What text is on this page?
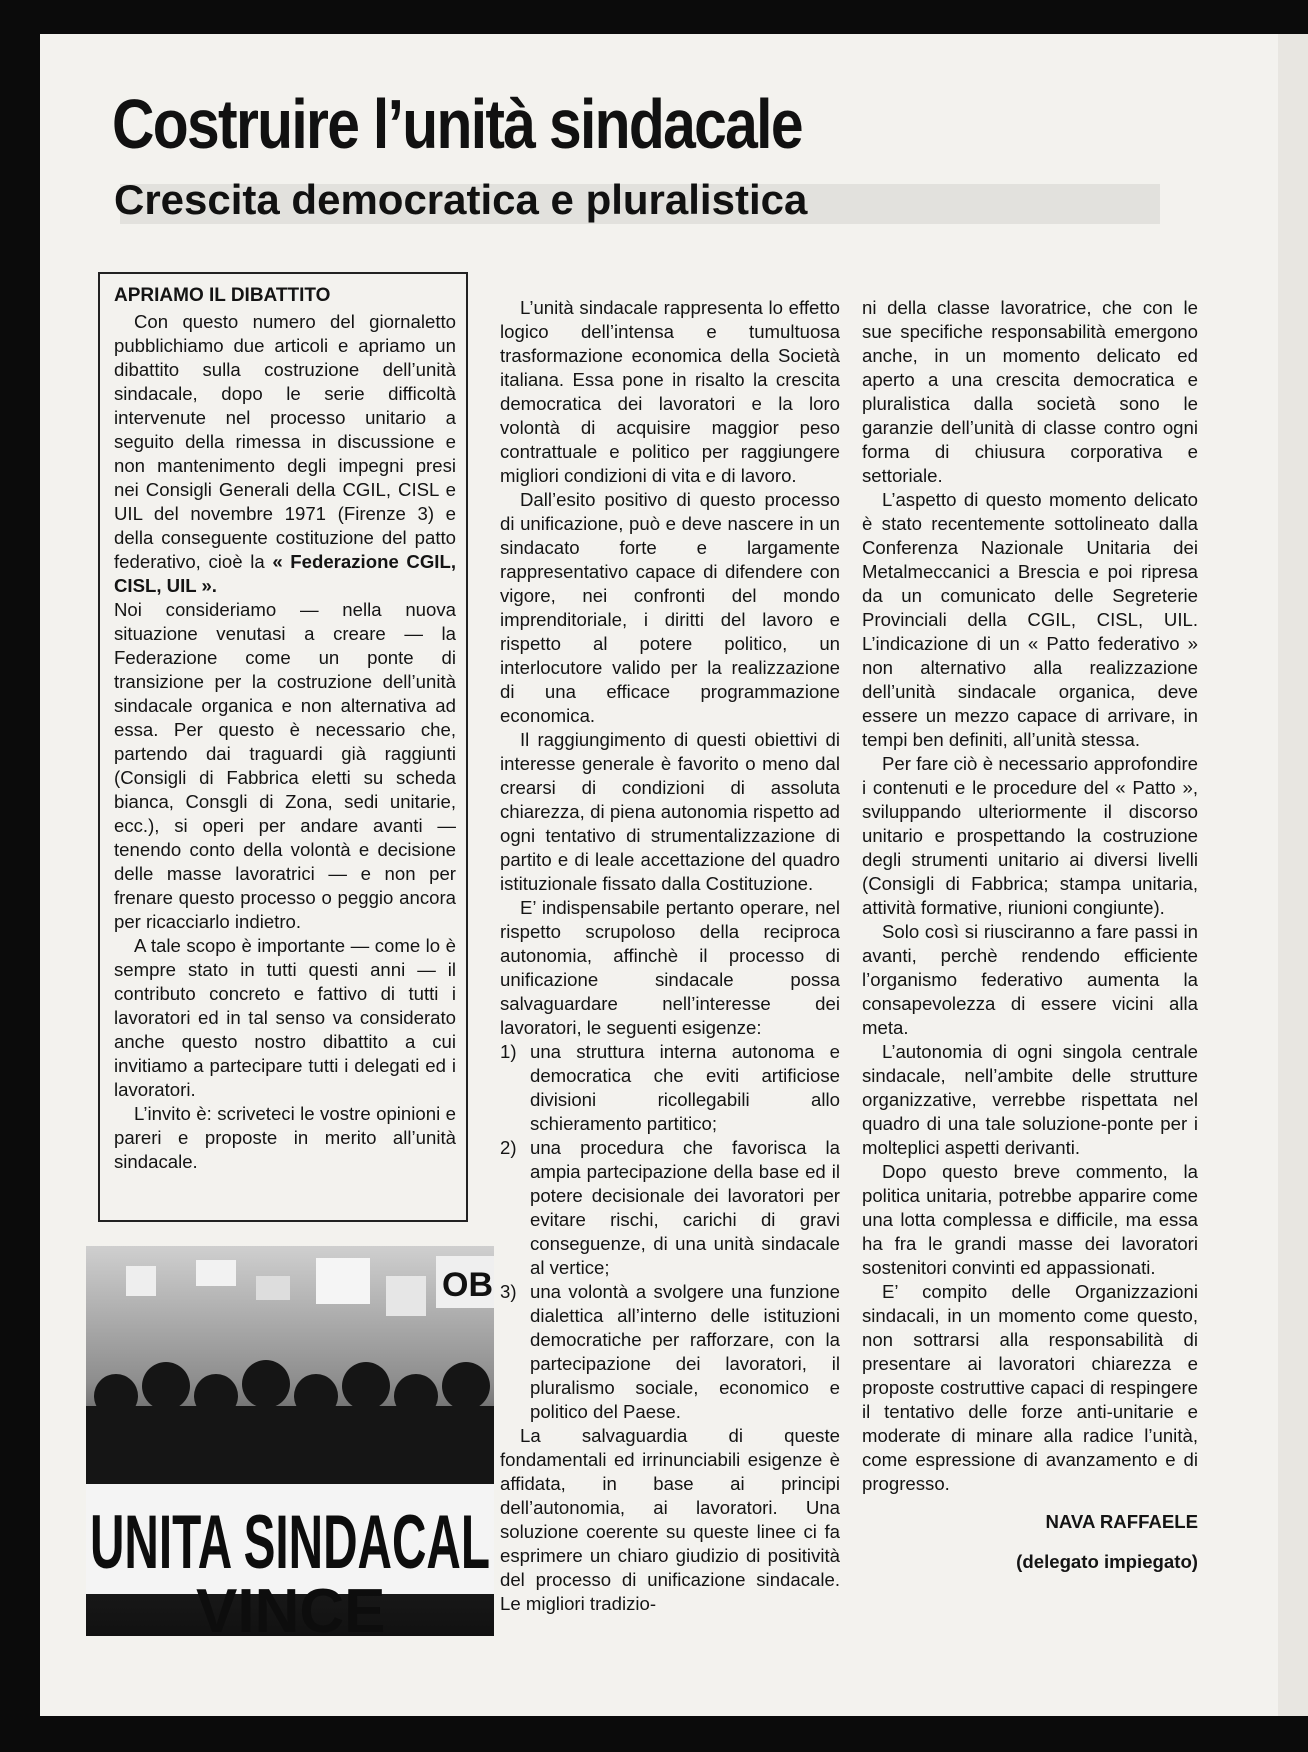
Costruire l’unità sindacale
Crescita democratica e pluralistica

APRIAMO IL DIBATTITO

Con questo numero del giornaletto pubblichiamo due articoli e apriamo un dibattito sulla costruzione dell’unità sindacale, dopo le serie difficoltà intervenute nel processo unitario a seguito della rimessa in discussione e non mantenimento degli impegni presi nei Consigli Generali della CGIL, CISL e UIL del novembre 1971 (Firenze 3) e della conseguente costituzione del patto federativo, cioè la « Federazione CGIL, CISL, UIL ».

Noi consideriamo — nella nuova situazione venutasi a creare — la Federazione come un ponte di transizione per la costruzione dell’unità sindacale organica e non alternativa ad essa. Per questo è necessario che, partendo dai traguardi già raggiunti (Consigli di Fabbrica eletti su scheda bianca, Consgli di Zona, sedi unitarie, ecc.), si operi per andare avanti — tenendo conto della volontà e decisione delle masse lavoratrici — e non per frenare questo processo o peggio ancora per ricacciarlo indietro.

A tale scopo è importante — come lo è sempre stato in tutti questi anni — il contributo concreto e fattivo di tutti i lavoratori ed in tal senso va considerato anche questo nostro dibattito a cui invitiamo a partecipare tutti i delegati ed i lavoratori.

L’invito è: scriveteci le vostre opinioni e pareri e proposte in merito all’unità sindacale.

OB
UNITA SINDACAL
VINCE

L’unità sindacale rappresenta lo effetto logico dell’intensa e tumultuosa trasformazione economica della Società italiana. Essa pone in risalto la crescita democratica dei lavoratori e la loro volontà di acquisire maggior peso contrattuale e politico per raggiungere migliori condizioni di vita e di lavoro.

Dall’esito positivo di questo processo di unificazione, può e deve nascere in un sindacato forte e largamente rappresentativo capace di difendere con vigore, nei confronti del mondo imprenditoriale, i diritti del lavoro e rispetto al potere politico, un interlocutore valido per la realizzazione di una efficace programmazione economica.

Il raggiungimento di questi obiettivi di interesse generale è favorito o meno dal crearsi di condizioni di assoluta chiarezza, di piena autonomia rispetto ad ogni tentativo di strumentalizzazione di partito e di leale accettazione del quadro istituzionale fissato dalla Costituzione.

E’ indispensabile pertanto operare, nel rispetto scrupoloso della reciproca autonomia, affinchè il processo di unificazione sindacale possa salvaguardare nell’interesse dei lavoratori, le seguenti esigenze:

1) una struttura interna autonoma e democratica che eviti artificiose divisioni ricollegabili allo schieramento partitico;
2) una procedura che favorisca la ampia partecipazione della base ed il potere decisionale dei lavoratori per evitare rischi, carichi di gravi conseguenze, di una unità sindacale al vertice;
3) una volontà a svolgere una funzione dialettica all’interno delle istituzioni democratiche per rafforzare, con la partecipazione dei lavoratori, il pluralismo sociale, economico e politico del Paese.

La salvaguardia di queste fondamentali ed irrinunciabili esigenze è affidata, in base ai principi dell’autonomia, ai lavoratori. Una soluzione coerente su queste linee ci fa esprimere un chiaro giudizio di positività del processo di unificazione sindacale. Le migliori tradizio-

ni della classe lavoratrice, che con le sue specifiche responsabilità emergono anche, in un momento delicato ed aperto a una crescita democratica e pluralistica dalla società sono le garanzie dell’unità di classe contro ogni forma di chiusura corporativa e settoriale.

L’aspetto di questo momento delicato è stato recentemente sottolineato dalla Conferenza Nazionale Unitaria dei Metalmeccanici a Brescia e poi ripresa da un comunicato delle Segreterie Provinciali della CGIL, CISL, UIL. L’indicazione di un « Patto federativo » non alternativo alla realizzazione dell’unità sindacale organica, deve essere un mezzo capace di arrivare, in tempi ben definiti, all’unità stessa.

Per fare ciò è necessario approfondire i contenuti e le procedure del « Patto », sviluppando ulteriormente il discorso unitario e prospettando la costruzione degli strumenti unitario ai diversi livelli (Consigli di Fabbrica; stampa unitaria, attività formative, riunioni congiunte).

Solo così si riusciranno a fare passi in avanti, perchè rendendo efficiente l’organismo federativo aumenta la consapevolezza di essere vicini alla meta.

L’autonomia di ogni singola centrale sindacale, nell’ambite delle strutture organizzative, verrebbe rispettata nel quadro di una tale soluzione-ponte per i molteplici aspetti derivanti.

Dopo questo breve commento, la politica unitaria, potrebbe apparire come una lotta complessa e difficile, ma essa ha fra le grandi masse dei lavoratori sostenitori convinti ed appassionati.

E’ compito delle Organizzazioni sindacali, in un momento come questo, non sottrarsi alla responsabilità di presentare ai lavoratori chiarezza e proposte costruttive capaci di respingere il tentativo delle forze anti-unitarie e moderate di minare alla radice l’unità, come espressione di avanzamento e di progresso.

NAVA RAFFAELE

(delegato impiegato)
